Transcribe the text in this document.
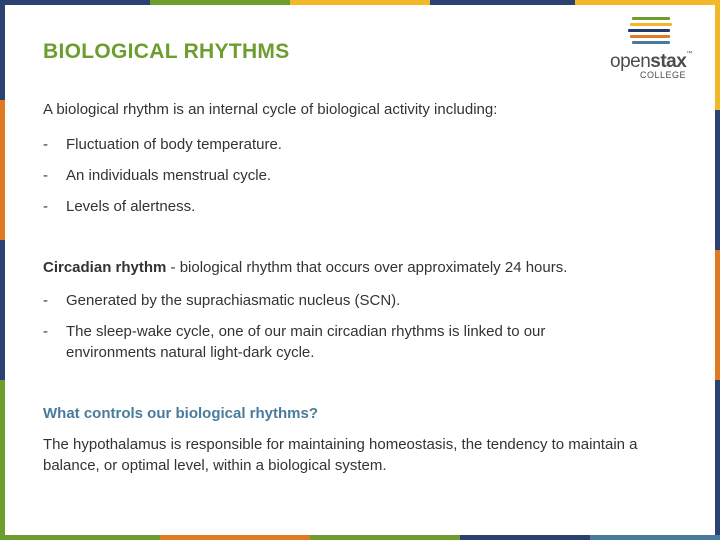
BIOLOGICAL RHYTHMS	openstax™
COLLEGE
A biological rhythm is an internal cycle of biological activity including:
- Fluctuation of body temperature.
- An individuals menstrual cycle.
- Levels of alertness.
Circadian rhythm - biological rhythm that occurs over approximately 24 hours.
- Generated by the suprachiasmatic nucleus (SCN).
- The sleep-wake cycle, one of our main circadian rhythms is linked to our environments natural light-dark cycle.
What controls our biological rhythms?
The hypothalamus is responsible for maintaining homeostasis, the tendency to maintain a balance, or optimal level, within a biological system.
